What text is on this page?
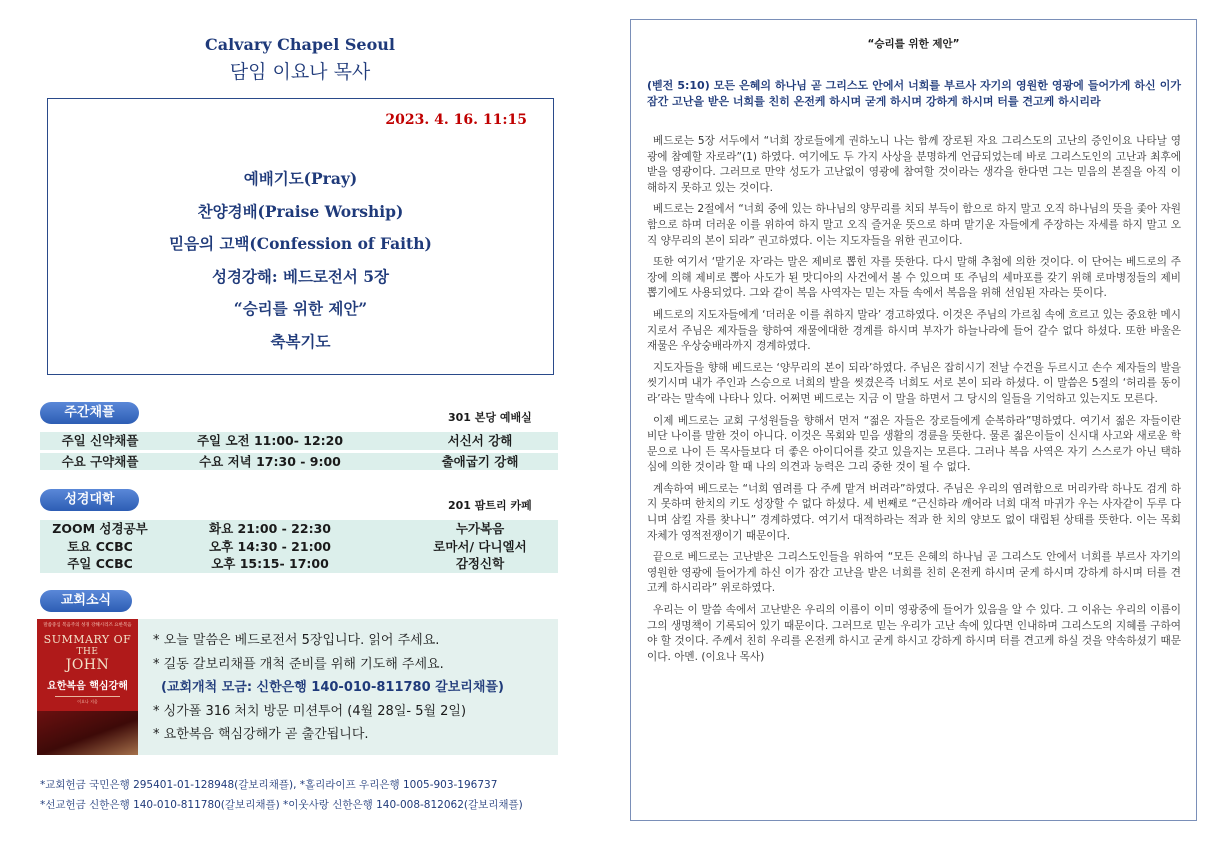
Calvary Chapel Seoul
담임 이요나 목사
2023. 4. 16. 11:15
예배기도(Pray)
찬양경배(Praise Worship)
믿음의 고백(Confession of Faith)
성경강해: 베드로전서 5장
“승리를 위한 제안”
축복기도
주간채플	301 본당 예배실
주일 신약채플	주일 오전 11:00- 12:20	서신서 강해
수요 구약채플	수요 저녁 17:30 - 9:00	출애굽기 강해
성경대학	201 팜트리 카페
ZOOM 성경공부	화요 21:00 - 22:30	누가복음
토요 CCBC	오후 14:30 - 21:00	로마서/ 다니엘서
주일 CCBC	오후 15:15- 17:00	감정신학
교회소식
말씀중심 복음주의 성경 강해시리즈 요한복음
SUMMARY OF
THE
JOHN
요한복음 핵심강해
이요나 지음
* 오늘 말씀은 베드로전서 5장입니다. 읽어 주세요.
* 길동 갈보리채플 개척 준비를 위해 기도해 주세요.
(교회개척 모금: 신한은행 140-010-811780 갈보리채플)
* 싱가폴 316 처치 방문 미션투어 (4월 28일- 5월 2일)
* 요한복음 핵심강해가 곧 출간됩니다.
*교회헌금 국민은행 295401-01-128948(갈보리채플), *홀리라이프 우리은행 1005-903-196737
*선교헌금 신한은행 140-010-811780(갈보리채플) *이웃사랑 신한은행 140-008-812062(갈보리채플)
“승리를 위한 제안”
(벧전 5:10) 모든 은혜의 하나님 곧 그리스도 안에서 너희를 부르사 자기의 영원한 영광에 들어가게 하신 이가 잠간 고난을 받은 너희를 친히 온전케 하시며 굳게 하시며 강하게 하시며 터를 견고케 하시리라

베드로는 5장 서두에서 “너희 장로들에게 권하노니 나는 함께 장로된 자요 그리스도의 고난의 증인이요 나타날 영광에 참예할 자로라”(1) 하였다. 여기에도 두 가지 사상을 분명하게 언급되었는데 바로 그리스도인의 고난과 최후에 받을 영광이다. 그러므로 만약 성도가 고난없이 영광에 참여할 것이라는 생각을 한다면 그는 믿음의 본질을 아직 이해하지 못하고 있는 것이다.

베드로는 2절에서 “너희 중에 있는 하나님의 양무리를 치되 부득이 함으로 하지 말고 오직 하나님의 뜻을 좇아 자원함으로 하며 더러운 이를 위하여 하지 말고 오직 즐거운 뜻으로 하며 맡기운 자들에게 주장하는 자세를 하지 말고 오직 양무리의 본이 되라” 권고하였다. 이는 지도자들을 위한 권고이다.

또한 여기서 ‘맡기운 자’라는 말은 제비로 뽑힌 자를 뜻한다. 다시 말해 추첨에 의한 것이다. 이 단어는 베드로의 주장에 의해 제비로 뽑아 사도가 된 맛디아의 사건에서 볼 수 있으며 또 주님의 세마포를 갖기 위해 로마병정들의 제비뽑기에도 사용되었다. 그와 같이 복음 사역자는 믿는 자들 속에서 복음을 위해 선임된 자라는 뜻이다.

베드로의 지도자들에게 ‘더러운 이를 취하지 말라’ 경고하였다. 이것은 주님의 가르침 속에 흐르고 있는 중요한 메시지로서 주님은 제자들을 향하여 재물에대한 경계를 하시며 부자가 하늘나라에 들어 갈수 없다 하셨다. 또한 바울은 재물은 우상숭배라까지 경계하였다.

지도자들을 향해 베드로는 ‘양무리의 본이 되라’하였다. 주님은 잡히시기 전날 수건을 두르시고 손수 제자들의 발을 씻기시며 내가 주인과 스승으로 너희의 발을 씻겼은즉 너희도 서로 본이 되라 하셨다. 이 말씀은 5절의 ‘허리를 동이라’라는 말속에 나타나 있다. 어쩌면 베드로는 지금 이 말을 하면서 그 당시의 일들을 기억하고 있는지도 모른다.

이제 베드로는 교회 구성원들을 향해서 먼저 “젊은 자들은 장로들에게 순복하라”명하였다. 여기서 젊은 자들이란 비단 나이를 말한 것이 아니다. 이것은 목회와 믿음 생활의 경륜을 뜻한다. 물론 젊은이들이 신시대 사고와 새로운 학문으로 나이 든 목사들보다 더 좋은 아이디어를 갖고 있을지는 모른다. 그러나 복음 사역은 자기 스스로가 아닌 택하심에 의한 것이라 할 때 나의 의견과 능력은 그리 중한 것이 될 수 없다.

계속하여 베드로는 “너희 염려를 다 주께 맡겨 버려라”하였다. 주님은 우리의 염려함으로 머리카락 하나도 검게 하지 못하며 한치의 키도 성장할 수 없다 하셨다. 세 번째로 “근신하라 깨어라 너희 대적 마귀가 우는 사자같이 두루 다니며 삼킬 자를 찾나니” 경계하였다. 여기서 대적하라는 적과 한 치의 양보도 없이 대립된 상태를 뜻한다. 이는 목회 자체가 영적전쟁이기 때문이다.

끝으로 베드로는 고난받은 그리스도인들을 위하여 “모든 은혜의 하나님 곧 그리스도 안에서 너희를 부르사 자기의 영원한 영광에 들어가게 하신 이가 잠간 고난을 받은 너희를 친히 온전케 하시며 굳게 하시며 강하게 하시며 터를 견고케 하시리라” 위로하였다.

우리는 이 말씀 속에서 고난받은 우리의 이름이 이미 영광중에 들어가 있음을 알 수 있다. 그 이유는 우리의 이름이 그의 생명책이 기록되어 있기 때문이다. 그러므로 믿는 우리가 고난 속에 있다면 인내하며 그리스도의 지혜를 구하여야 할 것이다. 주께서 친히 우리를 온전케 하시고 굳게 하시고 강하게 하시며 터를 견고케 하실 것을 약속하셨기 때문이다. 아멘. (이요나 목사)
